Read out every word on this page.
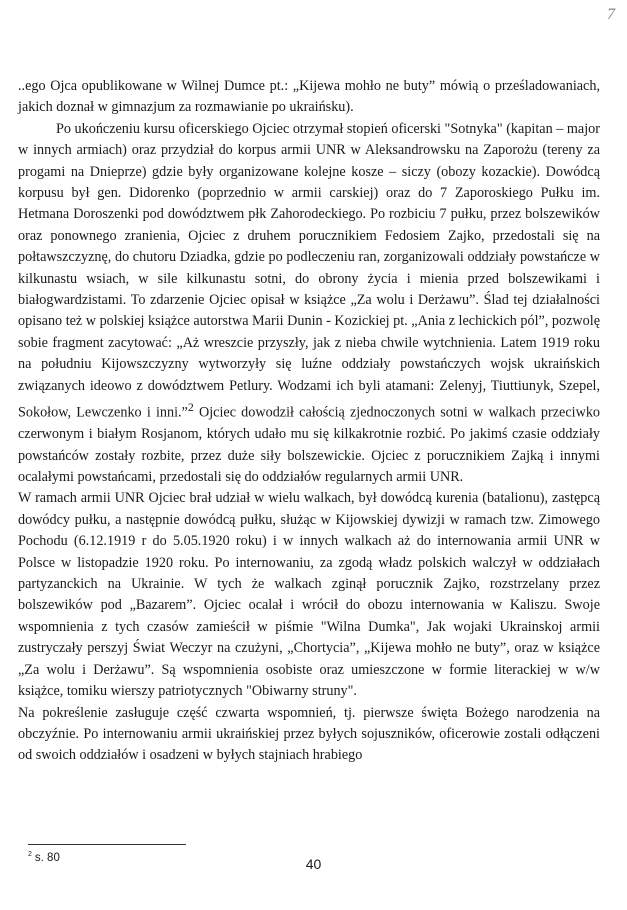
7

..ego Ojca opublikowane w Wilnej Dumce pt.: „Kijewa mohło ne buty” mówią o prześladowaniach, jakich doznał w gimnazjum za rozmawianie po ukraińsku).

Po ukończeniu kursu oficerskiego Ojciec otrzymał stopień oficerski "Sotnyka" (kapitan – major w innych armiach) oraz przydział do korpus armii UNR w Aleksandrowsku na Zaporożu (tereny za progami na Dnieprze) gdzie były organizowane kolejne kosze – siczy (obozy kozackie). Dowódcą korpusu był gen. Didorenko (poprzednio w armii carskiej) oraz do 7 Zaporoskiego Pułku im. Hetmana Doroszenki pod dowództwem płk Zahorodeckiego. Po rozbiciu 7 pułku, przez bolszewików oraz ponownego zranienia, Ojciec z druhem porucznikiem Fedosiem Zajko, przedostali się na połtawszczyznę, do chutoru Dziadka, gdzie po podleczeniu ran, zorganizowali oddziały powstańcze w kilkunastu wsiach, w sile kilkunastu sotni, do obrony życia i mienia przed bolszewikami i białogwardzistami. To zdarzenie Ojciec opisał w książce „Za wolu i Derżawu”. Ślad tej działalności opisano też w polskiej książce autorstwa Marii Dunin - Kozickiej pt. „Ania z lechickich pól”, pozwolę sobie fragment zacytować: „Aż wreszcie przyszły, jak z nieba chwile wytchnienia. Latem 1919 roku na południu Kijowszczyzny wytworzyły się luźne oddziały powstańczych wojsk ukraińskich związanych ideowo z dowództwem Petlury. Wodzami ich byli atamani: Zelenyj, Tiuttiunyk, Szepel, Sokołow, Lewczenko i inni.”$^2$ Ojciec dowodził całością zjednoczonych sotni w walkach przeciwko czerwonym i białym Rosjanom, których udało mu się kilkakrotnie rozbić. Po jakimś czasie oddziały powstańców zostały rozbite, przez duże siły bolszewickie. Ojciec z porucznikiem Zajką i innymi ocalałymi powstańcami, przedostali się do oddziałów regularnych armii UNR.

W ramach armii UNR Ojciec brał udział w wielu walkach, był dowódcą kurenia (batalionu), zastępcą dowódcy pułku, a następnie dowódcą pułku, służąc w Kijowskiej dywizji w ramach tzw. Zimowego Pochodu (6.12.1919 r do 5.05.1920 roku) i w innych walkach aż do internowania armii UNR w Polsce w listopadzie 1920 roku. Po internowaniu, za zgodą władz polskich walczył w oddziałach partyzanckich na Ukrainie. W tych że walkach zginął porucznik Zajko, rozstrzelany przez bolszewików pod „Bazarem”. Ojciec ocalał i wrócił do obozu internowania w Kaliszu. Swoje wspomnienia z tych czasów zamieścił w piśmie "Wilna Dumka", Jak wojaki Ukrainskoj armii zustryczały perszyj Świat Weczyr na czużyni, „Chortycia”, „Kijewa mohło ne buty”, oraz w książce „Za wolu i Derżawu”. Są wspomnienia osobiste oraz umieszczone w formie literackiej w w/w książce, tomiku wierszy patriotycznych "Obiwarny struny".

Na pokreślenie zasługuje część czwarta wspomnień, tj. pierwsze święta Bożego narodzenia na obczyźnie. Po internowaniu armii ukraińskiej przez byłych sojuszników, oficerowie zostali odłączeni od swoich oddziałów i osadzeni w byłych stajniach hrabiego

$^2$ s. 80	40
